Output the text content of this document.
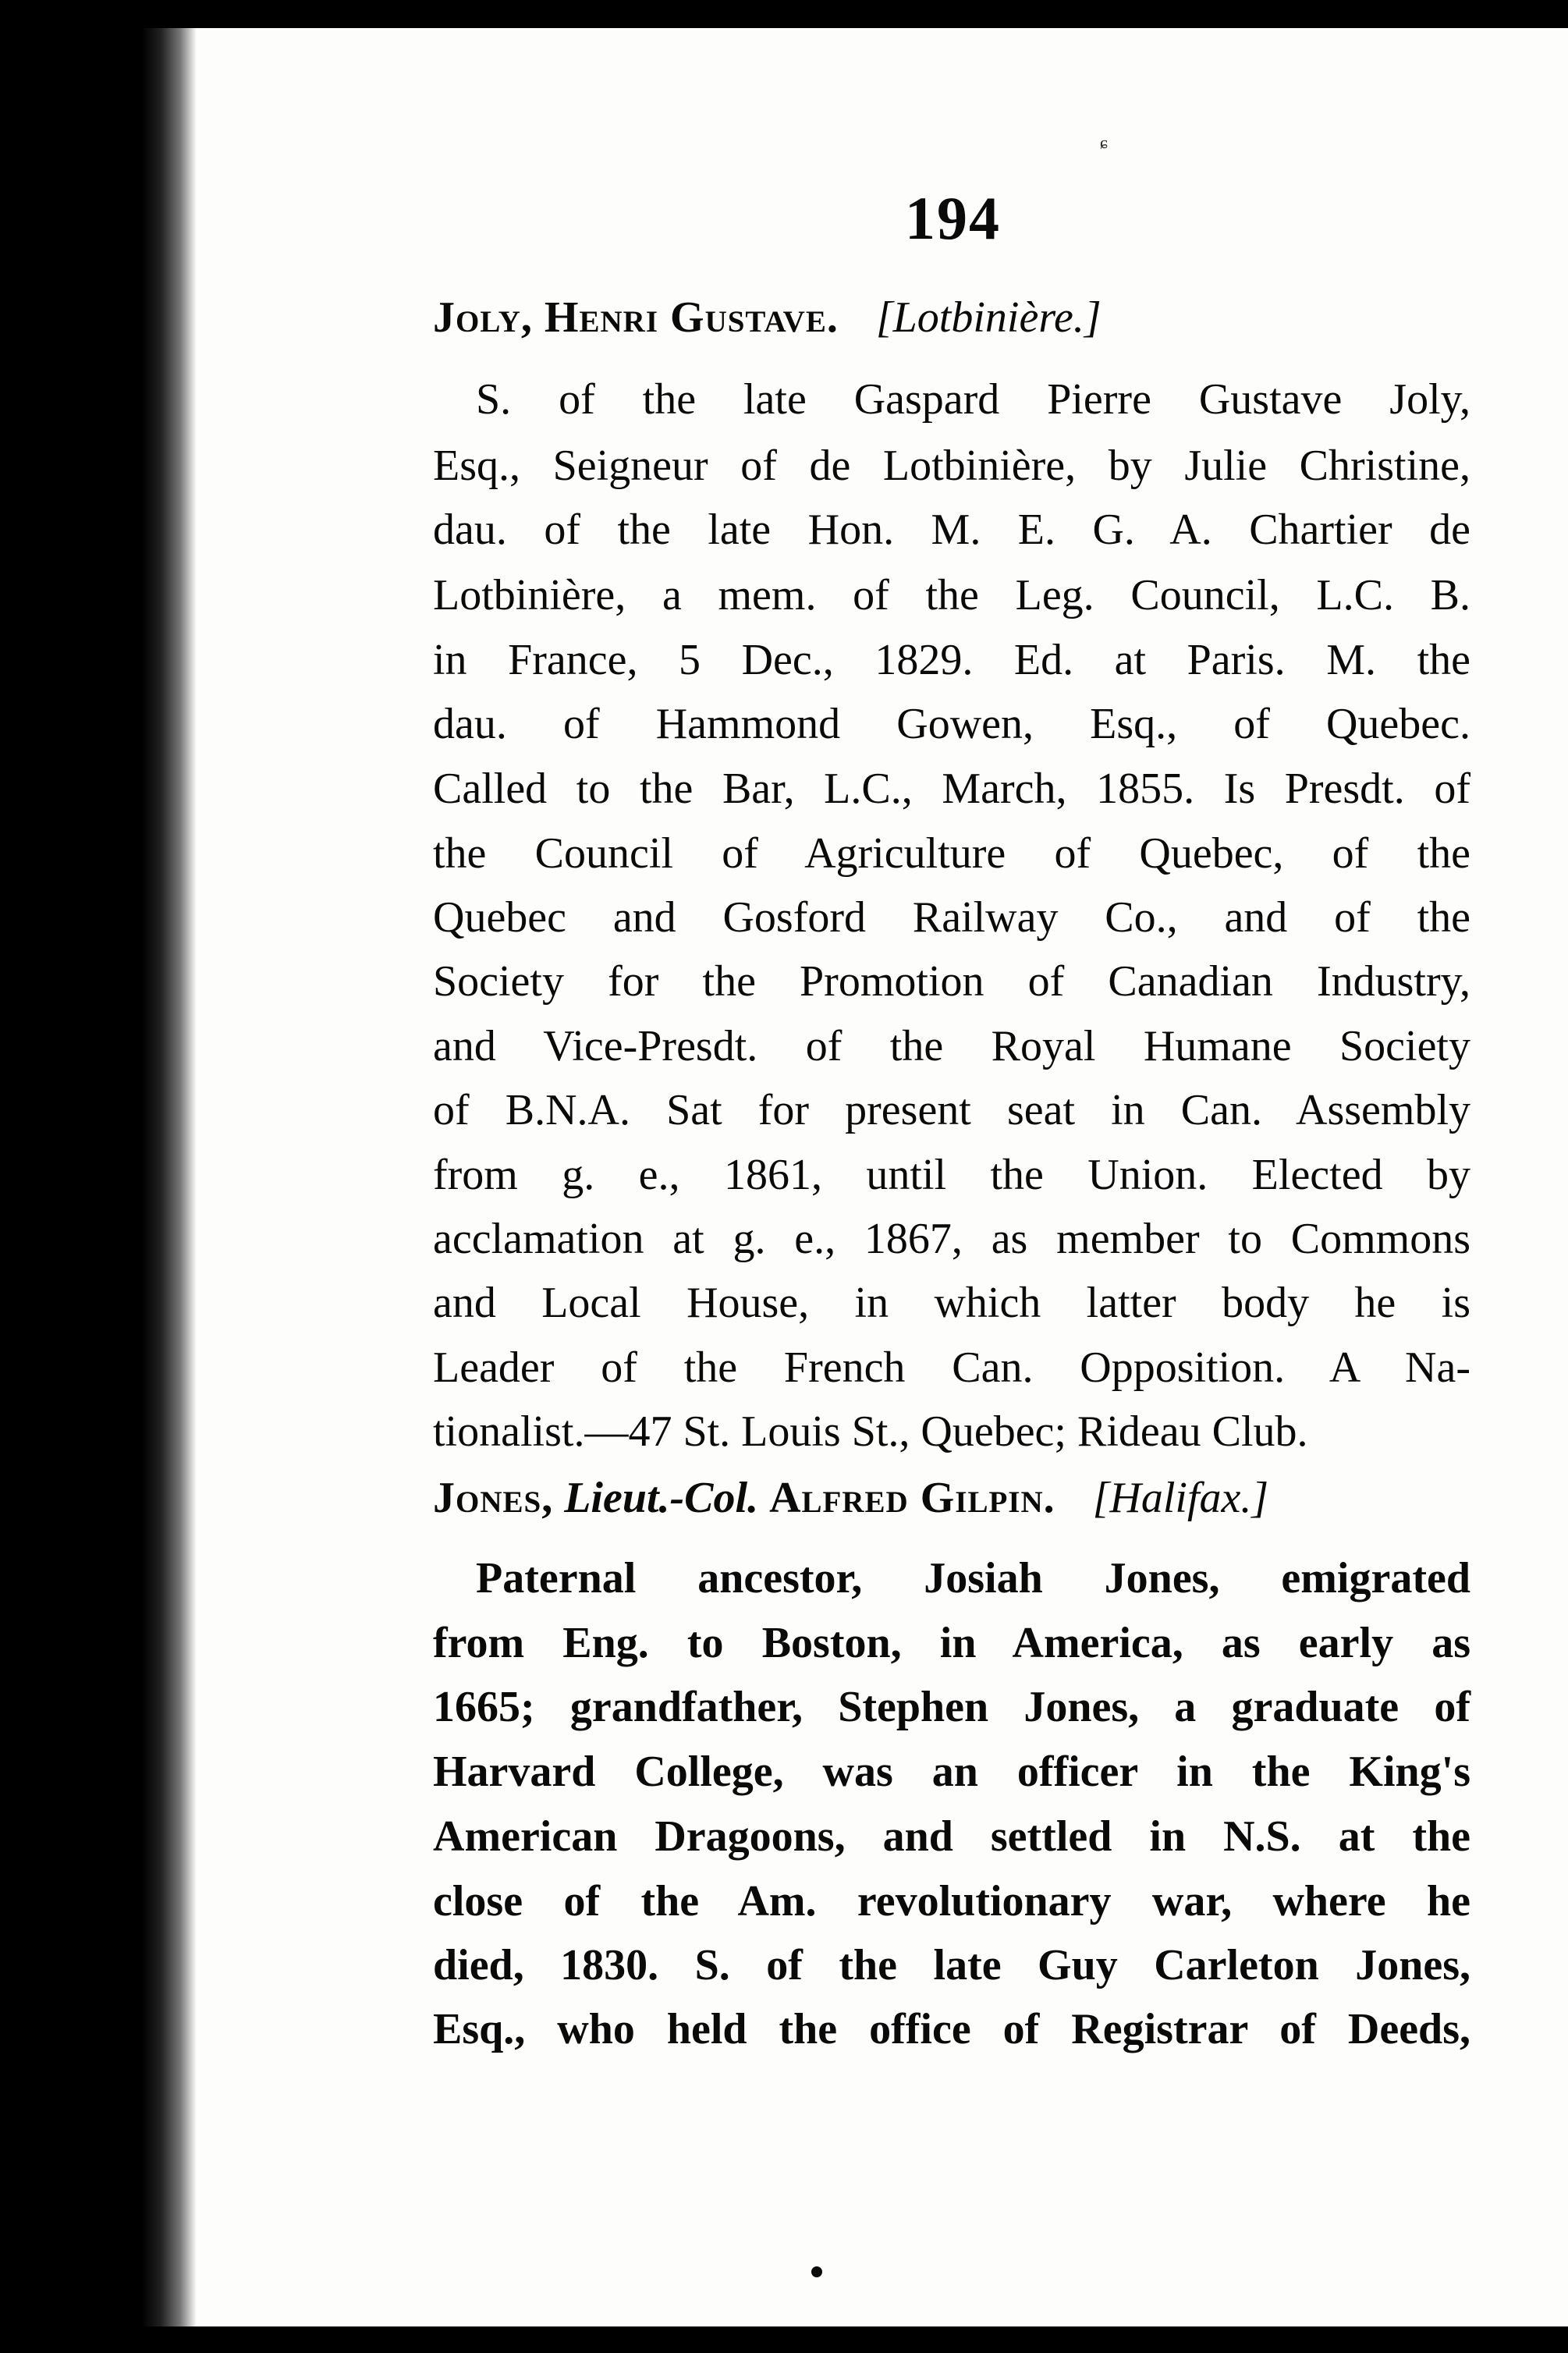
ɕ
194
Joly, Henri Gustave. [Lotbinière.]
S. of the late Gaspard Pierre Gustave Joly,
Esq., Seigneur of de Lotbinière, by Julie Christine,
dau. of the late Hon. M. E. G. A. Chartier de
Lotbinière, a mem. of the Leg. Council, L.C. B.
in France, 5 Dec., 1829. Ed. at Paris. M. the
dau. of Hammond Gowen, Esq., of Quebec.
Called to the Bar, L.C., March, 1855. Is Presdt. of
the Council of Agriculture of Quebec, of the
Quebec and Gosford Railway Co., and of the
Society for the Promotion of Canadian Industry,
and Vice-Presdt. of the Royal Humane Society
of B.N.A. Sat for present seat in Can. Assembly
from g. e., 1861, until the Union. Elected by
acclamation at g. e., 1867, as member to Commons
and Local House, in which latter body he is
Leader of the French Can. Opposition. A Na-
tionalist.—47 St. Louis St., Quebec; Rideau Club.
Jones, Lieut.-Col. Alfred Gilpin. [Halifax.]
Paternal ancestor, Josiah Jones, emigrated
from Eng. to Boston, in America, as early as
1665; grandfather, Stephen Jones, a graduate of
Harvard College, was an officer in the King's
American Dragoons, and settled in N.S. at the
close of the Am. revolutionary war, where he
died, 1830. S. of the late Guy Carleton Jones,
Esq., who held the office of Registrar of Deeds,
